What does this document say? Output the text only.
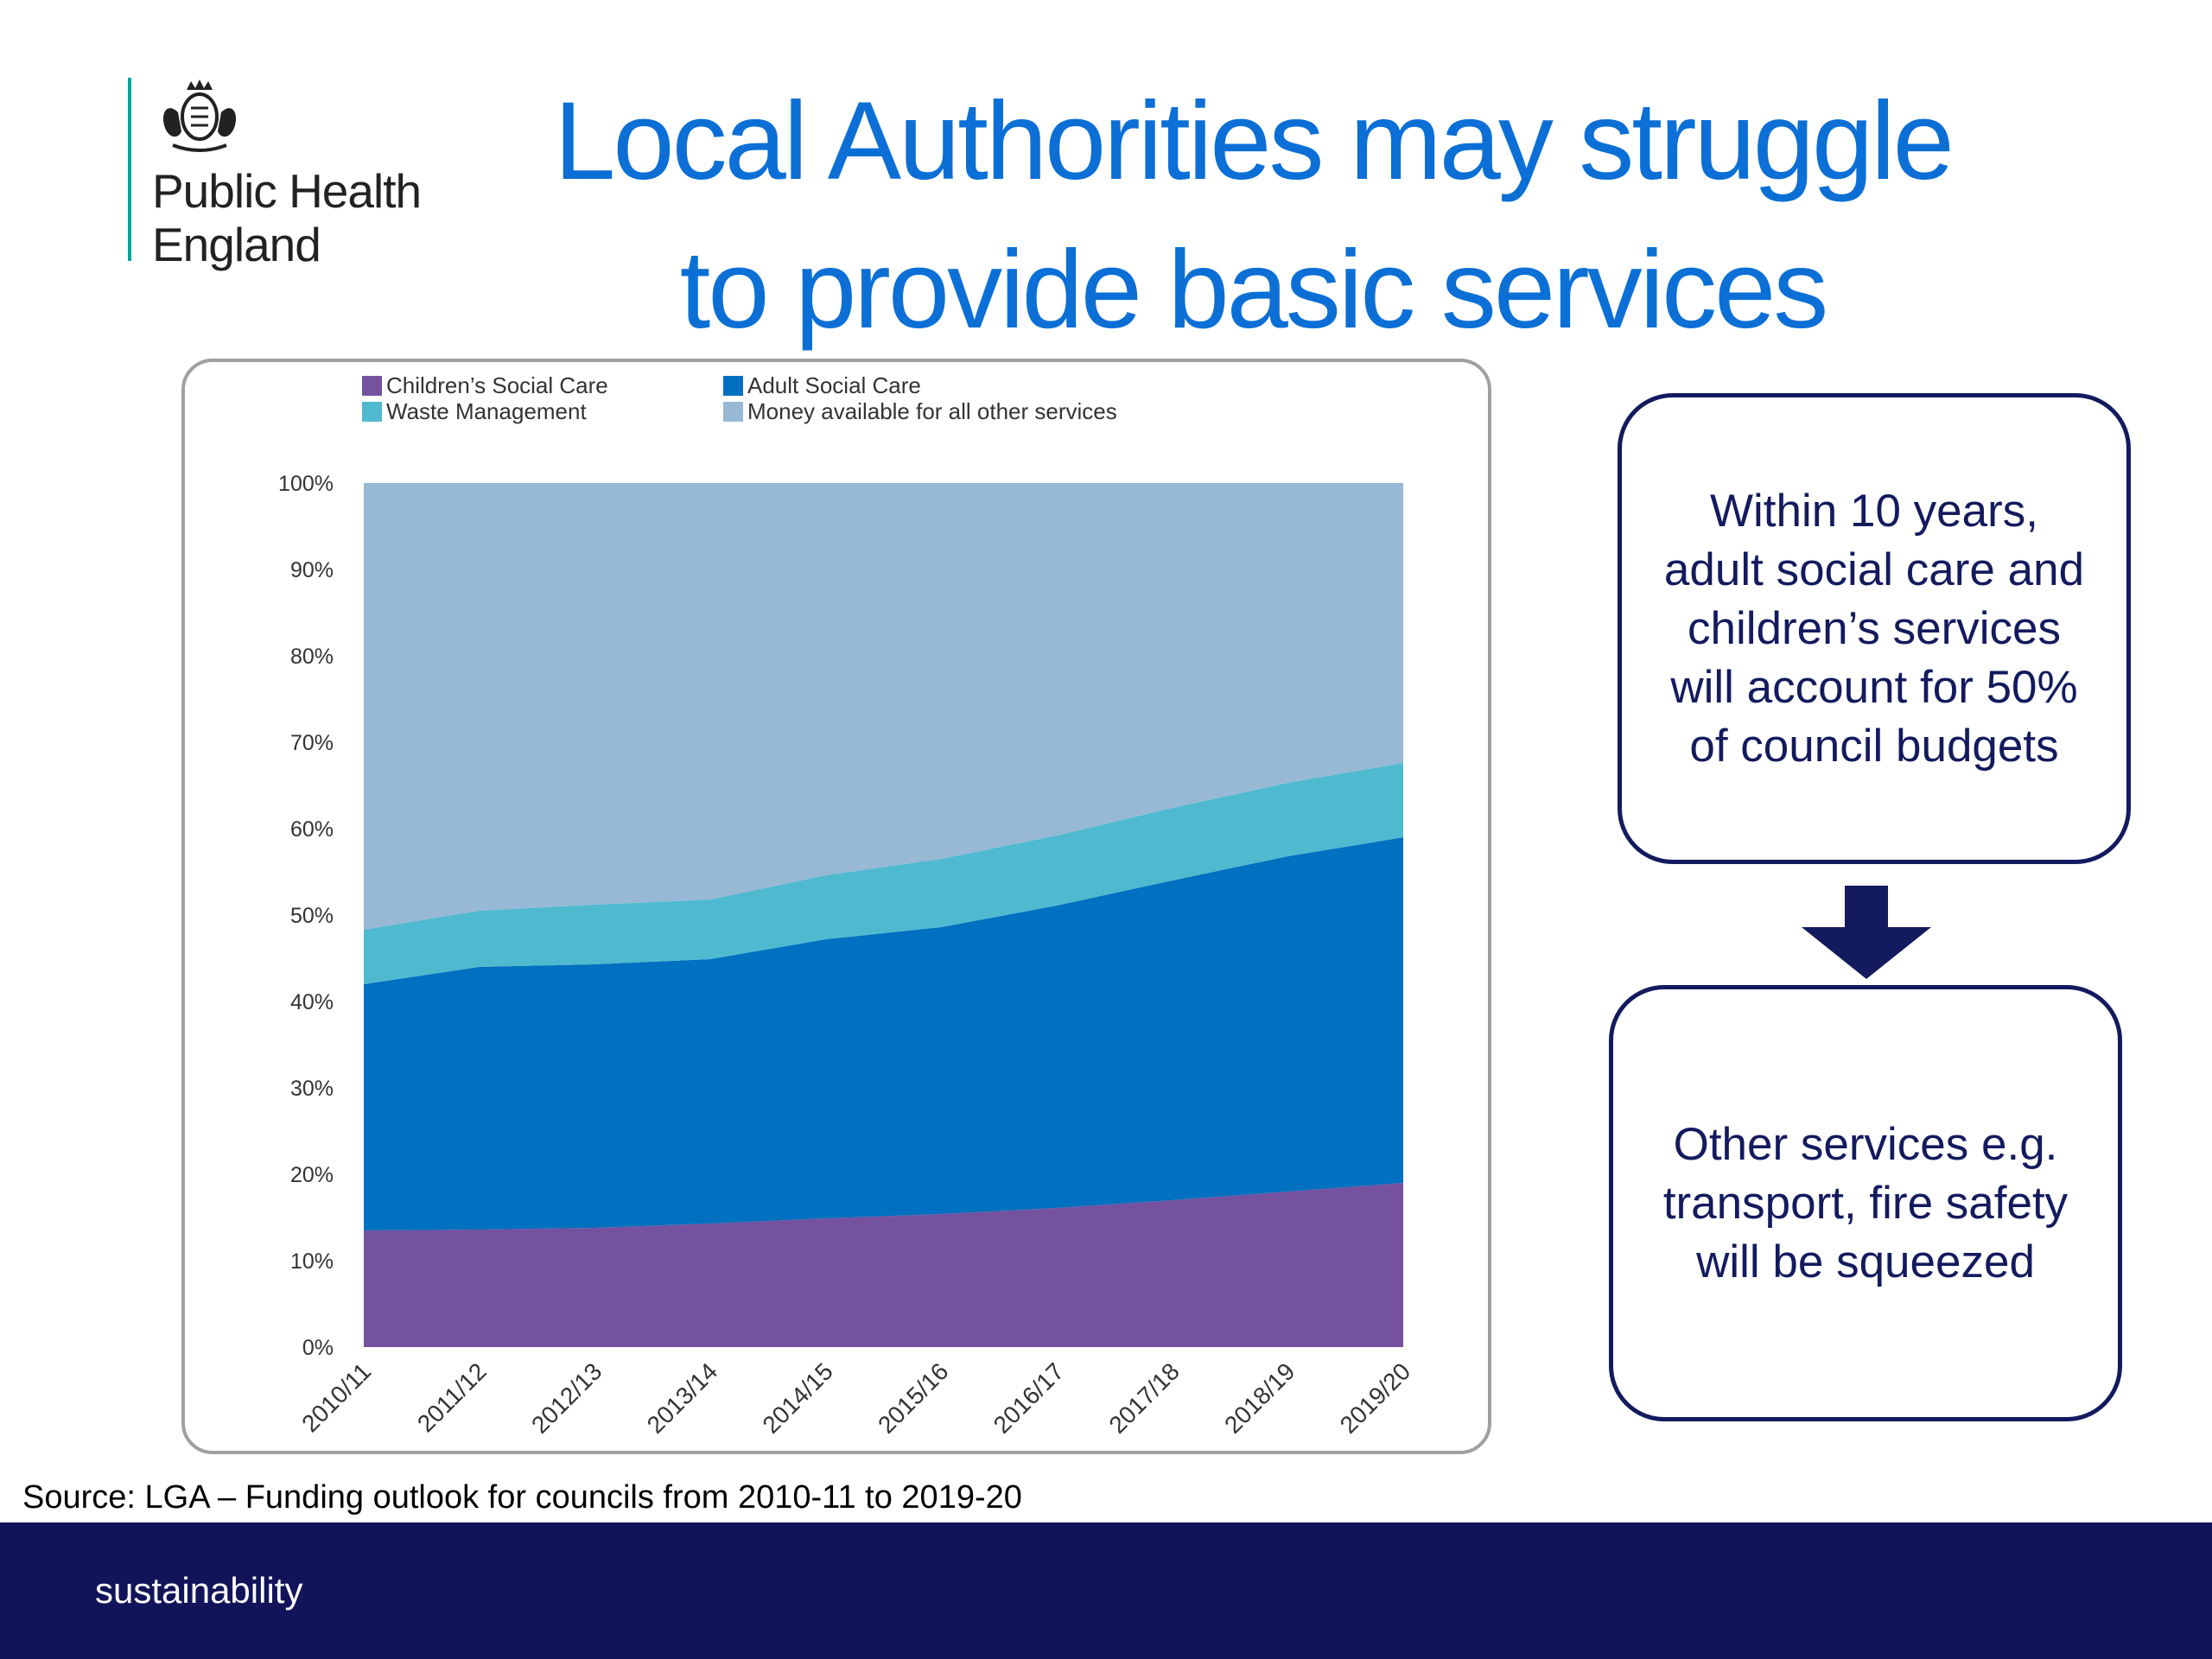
Public Health
England
Local Authorities may struggle
to provide basic services
0%
10%
20%
30%
40%
50%
60%
70%
80%
90%
100%
2010/11 2011/12 2012/13 2013/14 2014/15 2015/16 2016/17 2017/18 2018/19 2019/20
Children’s Social Care	Adult Social Care
Waste Management	Money available for all other services
Within 10 years, adult social care and children’s services will account for 50% of council budgets
Other services e.g. transport, fire safety will be squeezed
Source: LGA – Funding outlook for councils from 2010-11 to 2019-20
sustainability
